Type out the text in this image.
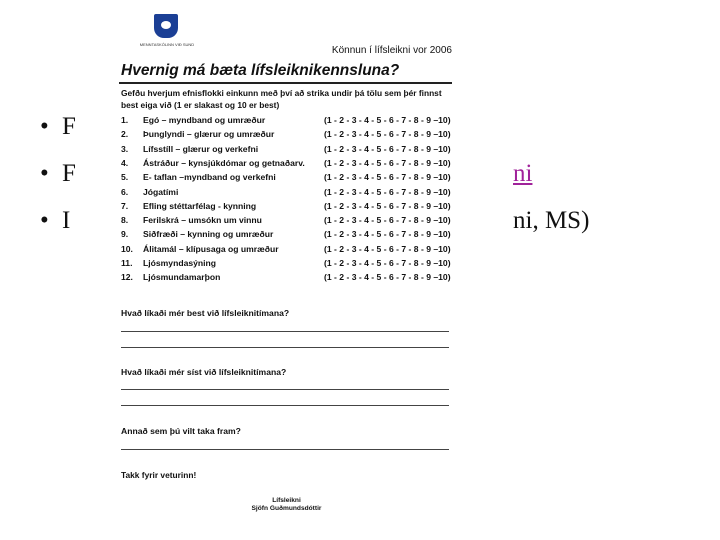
• F
• F
• I
ni
ni, MS)
MENNTASKÓLINN VIÐ SUND
Könnun í lífsleikni vor 2006
Hvernig má bæta lífsleiknikennsluna?
Gefðu hverjum efnisflokki einkunn með því að strika undir þá tölu sem þér finnst best eiga við (1 er slakast og 10 er best)
1. Egó – myndband og umræður	(1 - 2 - 3 - 4 - 5 - 6 - 7 - 8 - 9 –10)
2. Þunglyndi – glærur og umræður	(1 - 2 - 3 - 4 - 5 - 6 - 7 - 8 - 9 –10)
3. Lífsstíll – glærur og verkefni	(1 - 2 - 3 - 4 - 5 - 6 - 7 - 8 - 9 –10)
4. Ástráður – kynsjúkdómar og getnaðarv. (1 - 2 - 3 - 4 - 5 - 6 - 7 - 8 - 9 –10)
5. E- taflan –myndband og verkefni	(1 - 2 - 3 - 4 - 5 - 6 - 7 - 8 - 9 –10)
6. Jógatími	(1 - 2 - 3 - 4 - 5 - 6 - 7 - 8 - 9 –10)
7. Efling stéttarfélag - kynning	(1 - 2 - 3 - 4 - 5 - 6 - 7 - 8 - 9 –10)
8. Ferilskrá – umsókn um vinnu	(1 - 2 - 3 - 4 - 5 - 6 - 7 - 8 - 9 –10)
9. Siðfræði – kynning og umræður	(1 - 2 - 3 - 4 - 5 - 6 - 7 - 8 - 9 –10)
10. Álitamál – klípusaga og umræður	(1 - 2 - 3 - 4 - 5 - 6 - 7 - 8 - 9 –10)
11. Ljósmyndasýning	(1 - 2 - 3 - 4 - 5 - 6 - 7 - 8 - 9 –10)
12. Ljósmundamarþon	(1 - 2 - 3 - 4 - 5 - 6 - 7 - 8 - 9 –10)
Hvað líkaði mér best við lífsleiknitímana?
Hvað líkaði mér síst við lífsleiknitímana?
Annað sem þú vilt taka fram?
Takk fyrir veturinn!
Lífsleikni
Sjöfn Guðmundsdóttir
